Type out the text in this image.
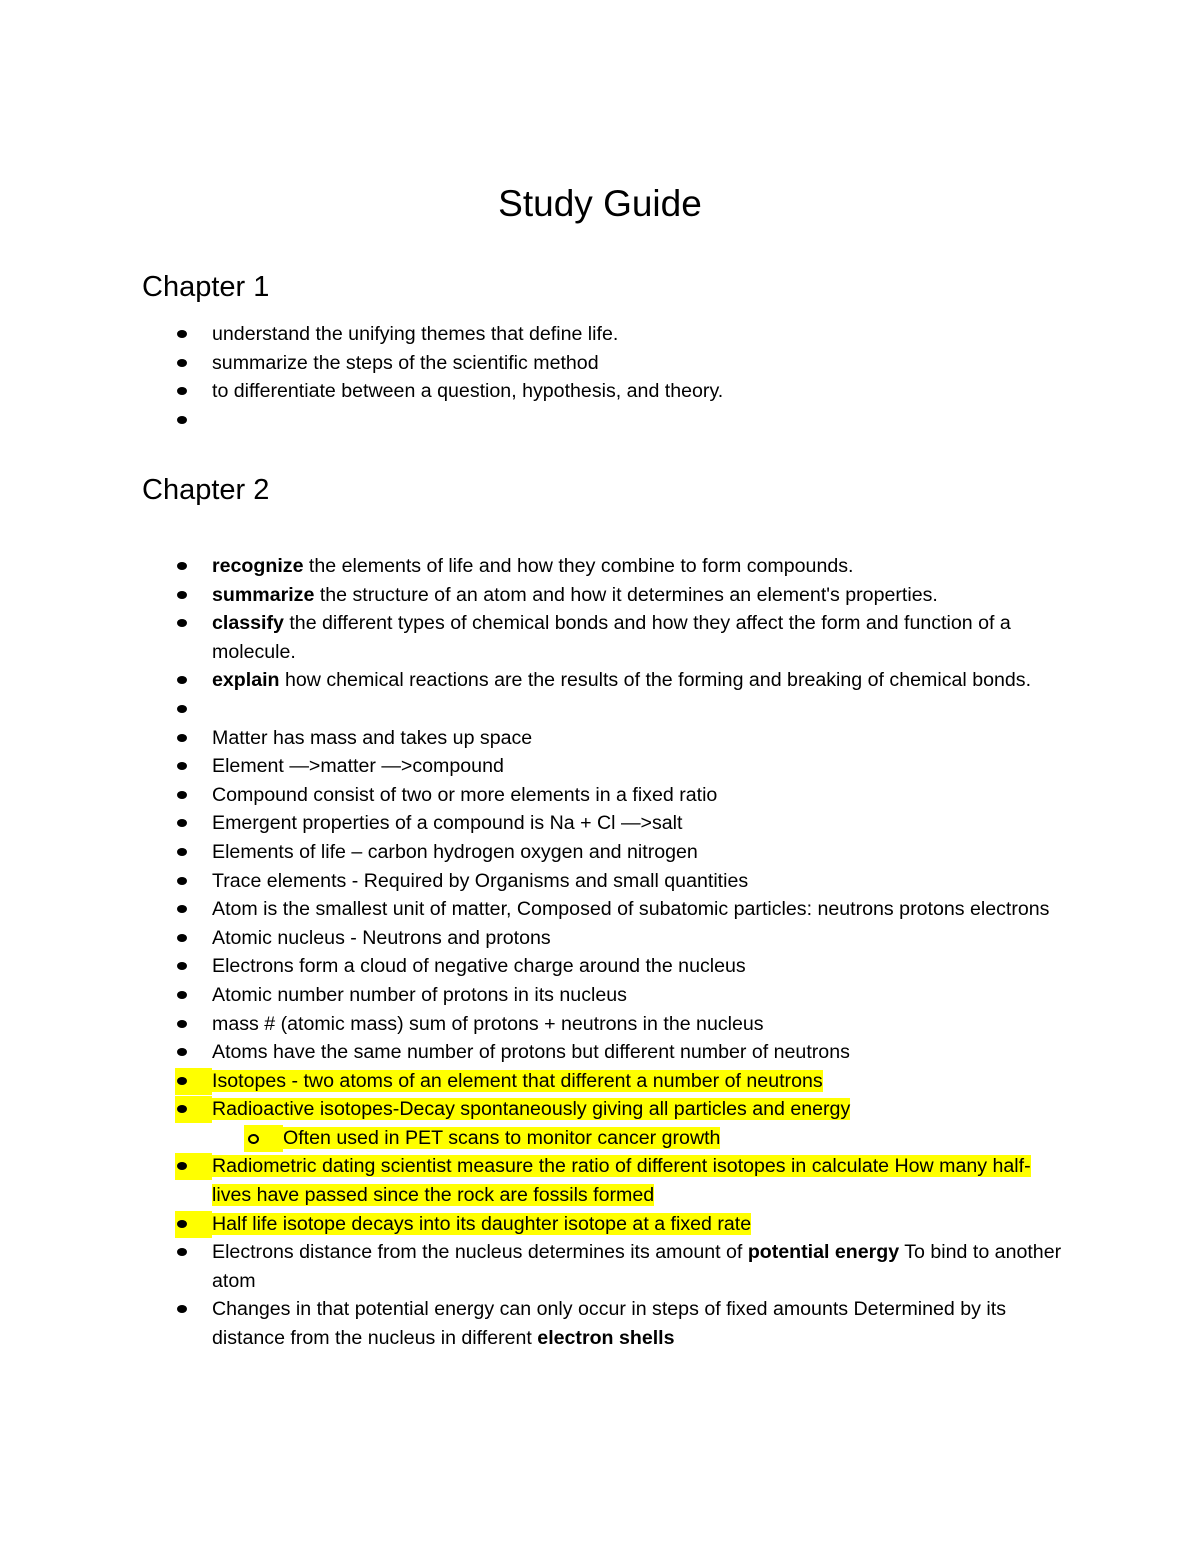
Study Guide
Chapter 1
understand the unifying themes that define life.
summarize the steps of the scientific method
to differentiate between a question, hypothesis, and theory.
Chapter 2
recognize the elements of life and how they combine to form compounds.
summarize the structure of an atom and how it determines an element's properties.
classify the different types of chemical bonds and how they affect the form and function of a molecule.
explain how chemical reactions are the results of the forming and breaking of chemical bonds.
Matter has mass and takes up space
Element —>matter —>compound
Compound consist of two or more elements in a fixed ratio
Emergent properties of a compound is Na + Cl —>salt
Elements of life – carbon hydrogen oxygen and nitrogen
Trace elements - Required by Organisms and small quantities
Atom is the smallest unit of matter, Composed of subatomic particles: neutrons protons electrons
Atomic nucleus - Neutrons and protons
Electrons form a cloud of negative charge around the nucleus
Atomic number number of protons in its nucleus
mass # (atomic mass) sum of protons + neutrons in the nucleus
Atoms have the same number of protons but different number of neutrons
Isotopes - two atoms of an element that different a number of neutrons
Radioactive isotopes-Decay spontaneously giving all particles and energy
Often used in PET scans to monitor cancer growth
Radiometric dating scientist measure the ratio of different isotopes in calculate How many half-lives have passed since the rock are fossils formed
Half life isotope decays into its daughter isotope at a fixed rate
Electrons distance from the nucleus determines its amount of potential energy To bind to another atom
Changes in that potential energy can only occur in steps of fixed amounts Determined by its distance from the nucleus in different electron shells
